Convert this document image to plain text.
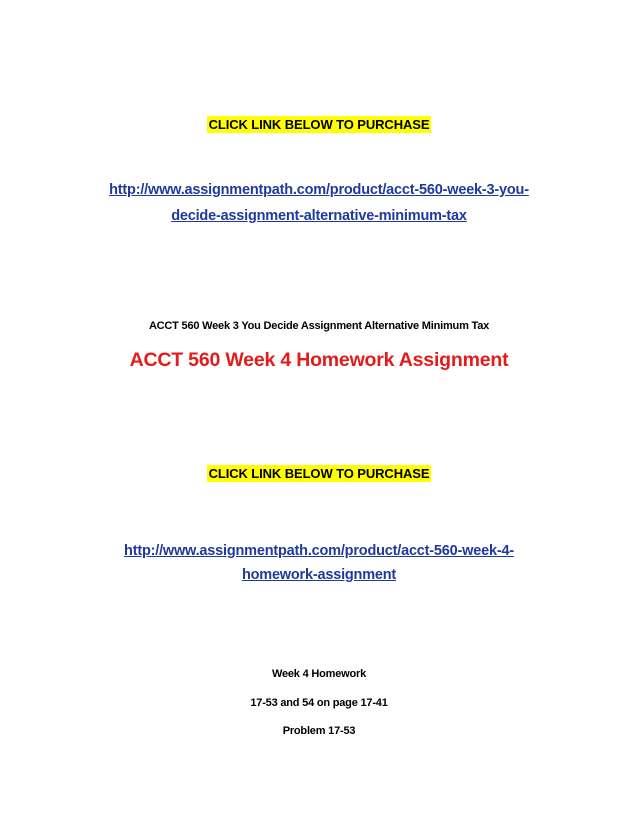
CLICK LINK BELOW TO PURCHASE
http://www.assignmentpath.com/product/acct-560-week-3-you-
decide-assignment-alternative-minimum-tax
ACCT 560 Week 3 You Decide Assignment Alternative Minimum Tax
ACCT 560 Week 4 Homework Assignment
CLICK LINK BELOW TO PURCHASE
http://www.assignmentpath.com/product/acct-560-week-4-
homework-assignment
Week 4 Homework
17-53 and 54 on page 17-41
Problem 17-53
